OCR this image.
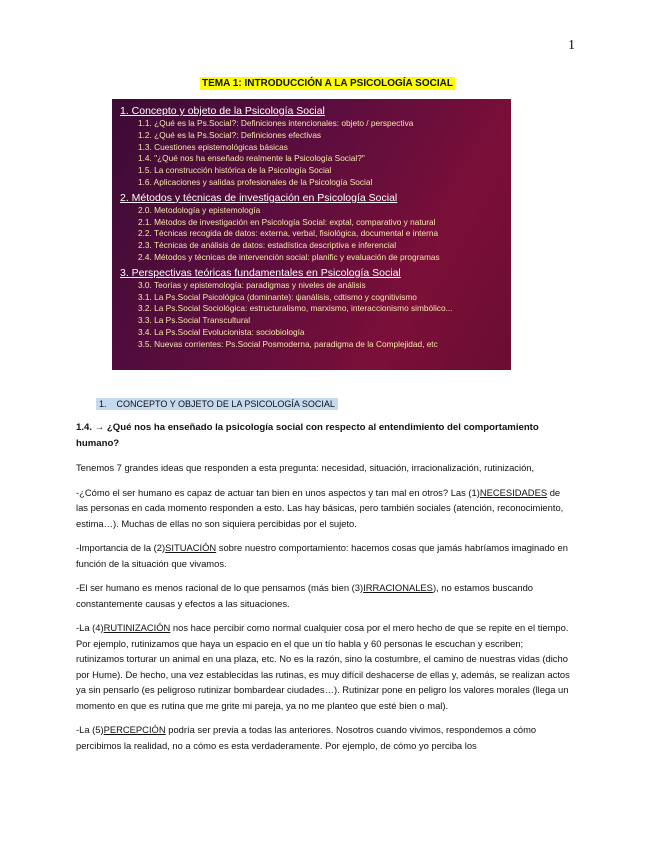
1
TEMA 1: INTRODUCCIÓN A LA PSICOLOGÍA SOCIAL
1. Concepto y objeto de la Psicología Social
1.1. ¿Qué es la Ps.Social?: Definiciones intencionales: objeto / perspectiva
1.2. ¿Qué es la Ps.Social?: Definiciones efectivas
1.3. Cuestiones epistemológicas básicas
1.4. "¿Qué nos ha enseñado realmente la Psicología Social?"
1.5. La construcción histórica de la Psicología Social
1.6. Aplicaciones y salidas profesionales de la Psicología Social
2. Métodos y técnicas de investigación en Psicología Social
2.0. Metodología y epistemología
2.1. Métodos de investigación en Psicología Social: exptal, comparativo y natural
2.2. Técnicas recogida de datos: externa, verbal, fisiológica, documental e interna
2.3. Técnicas de análisis de datos: estadística descriptiva e inferencial
2.4. Métodos y técnicas de intervención social: planific y evaluación de programas
3. Perspectivas teóricas fundamentales en Psicología Social
3.0. Teorías y epistemología: paradigmas y niveles de análisis
3.1. La Ps.Social Psicológica (dominante): ψanálisis, cdtismo y cognitivismo
3.2. La Ps.Social Sociológica: estructuralismo, marxismo, interaccionismo simbólico...
3.3. La Ps.Social Transcultural
3.4. La Ps.Social Evolucionista: sociobiología
3.5. Nuevas corrientes: Ps.Social Posmoderna, paradigma de la Complejidad, etc
1. CONCEPTO Y OBJETO DE LA PSICOLOGÍA SOCIAL

1.4. → ¿Qué nos ha enseñado la psicología social con respecto al entendimiento del comportamiento humano?

Tenemos 7 grandes ideas que responden a esta pregunta: necesidad, situación, irracionalización, rutinización,

-¿Cómo el ser humano es capaz de actuar tan bien en unos aspectos y tan mal en otros? Las (1)NECESIDADES de las personas en cada momento responden a esto. Las hay básicas, pero también sociales (atención, reconocimiento, estima…). Muchas de ellas no son siquiera percibidas por el sujeto.

-Importancia de la (2)SITUACIÓN sobre nuestro comportamiento: hacemos cosas que jamás habríamos imaginado en función de la situación que vivamos.

-El ser humano es menos racional de lo que pensamos (más bien (3)IRRACIONALES), no estamos buscando constantemente causas y efectos a las situaciones.

-La (4)RUTINIZACIÓN nos hace percibir como normal cualquier cosa por el mero hecho de que se repite en el tiempo. Por ejemplo, rutinizamos que haya un espacio en el que un tío habla y 60 personas le escuchan y escriben; rutinizamos torturar un animal en una plaza, etc. No es la razón, sino la costumbre, el camino de nuestras vidas (dicho por Hume). De hecho, una vez establecidas las rutinas, es muy difícil deshacerse de ellas y, además, se realizan actos ya sin pensarlo (es peligroso rutinizar bombardear ciudades…). Rutinizar pone en peligro los valores morales (llega un momento en que es rutina que me grite mi pareja, ya no me planteo que esté bien o mal).

-La (5)PERCEPCIÓN podría ser previa a todas las anteriores. Nosotros cuando vivimos, respondemos a cómo percibimos la realidad, no a cómo es esta verdaderamente. Por ejemplo, de cómo yo perciba los
